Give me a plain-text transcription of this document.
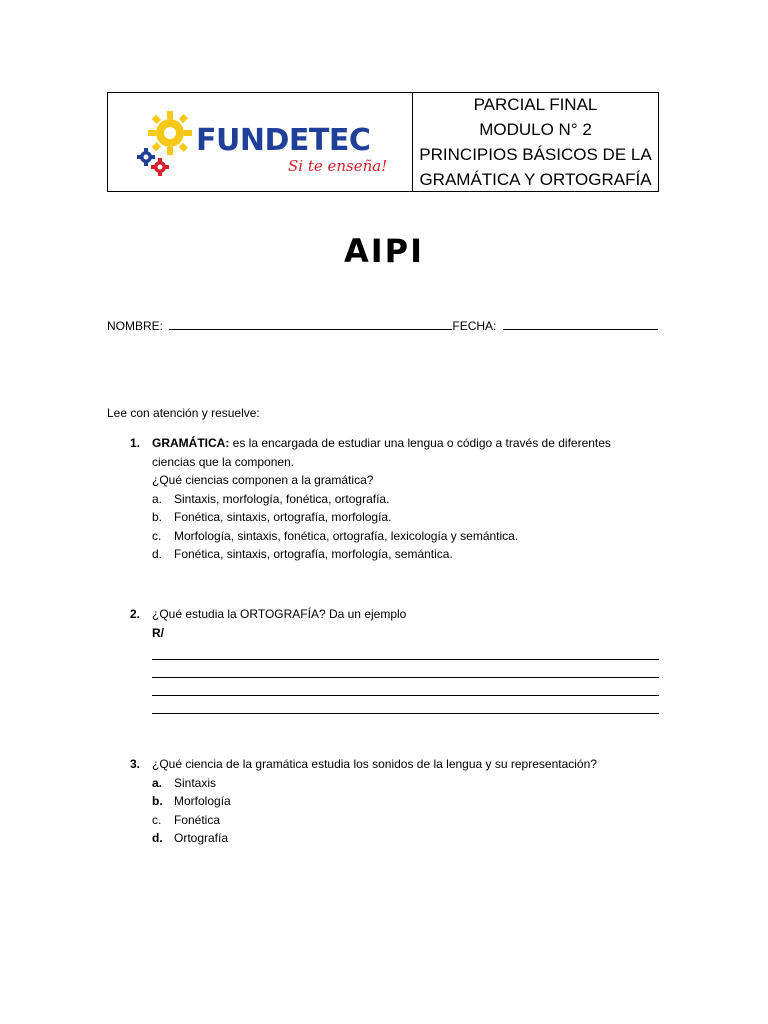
FUNDETEC
Si te enseña!
PARCIAL FINAL
MODULO N° 2
PRINCIPIOS BÁSICOS DE LA
GRAMÁTICA Y ORTOGRAFÍA
AIPI
NOMBRE:	FECHA:
Lee con atención y resuelve:
1. GRAMÁTICA: es la encargada de estudiar una lengua o código a través de diferentes
ciencias que la componen.
¿Qué ciencias componen a la gramática?
a. Sintaxis, morfología, fonética, ortografía.
b. Fonética, sintaxis, ortografía, morfología.
c.	Morfología, sintaxis, fonética, ortografía, lexicología y semántica.
d. Fonética, sintaxis, ortografía, morfología, semántica.
2. ¿Qué estudia la ORTOGRAFÍA? Da un ejemplo
R/
3. ¿Qué ciencia de la gramática estudia los sonidos de la lengua y su representación?
a. Sintaxis
b. Morfología
c.	Fonética
d. Ortografía
